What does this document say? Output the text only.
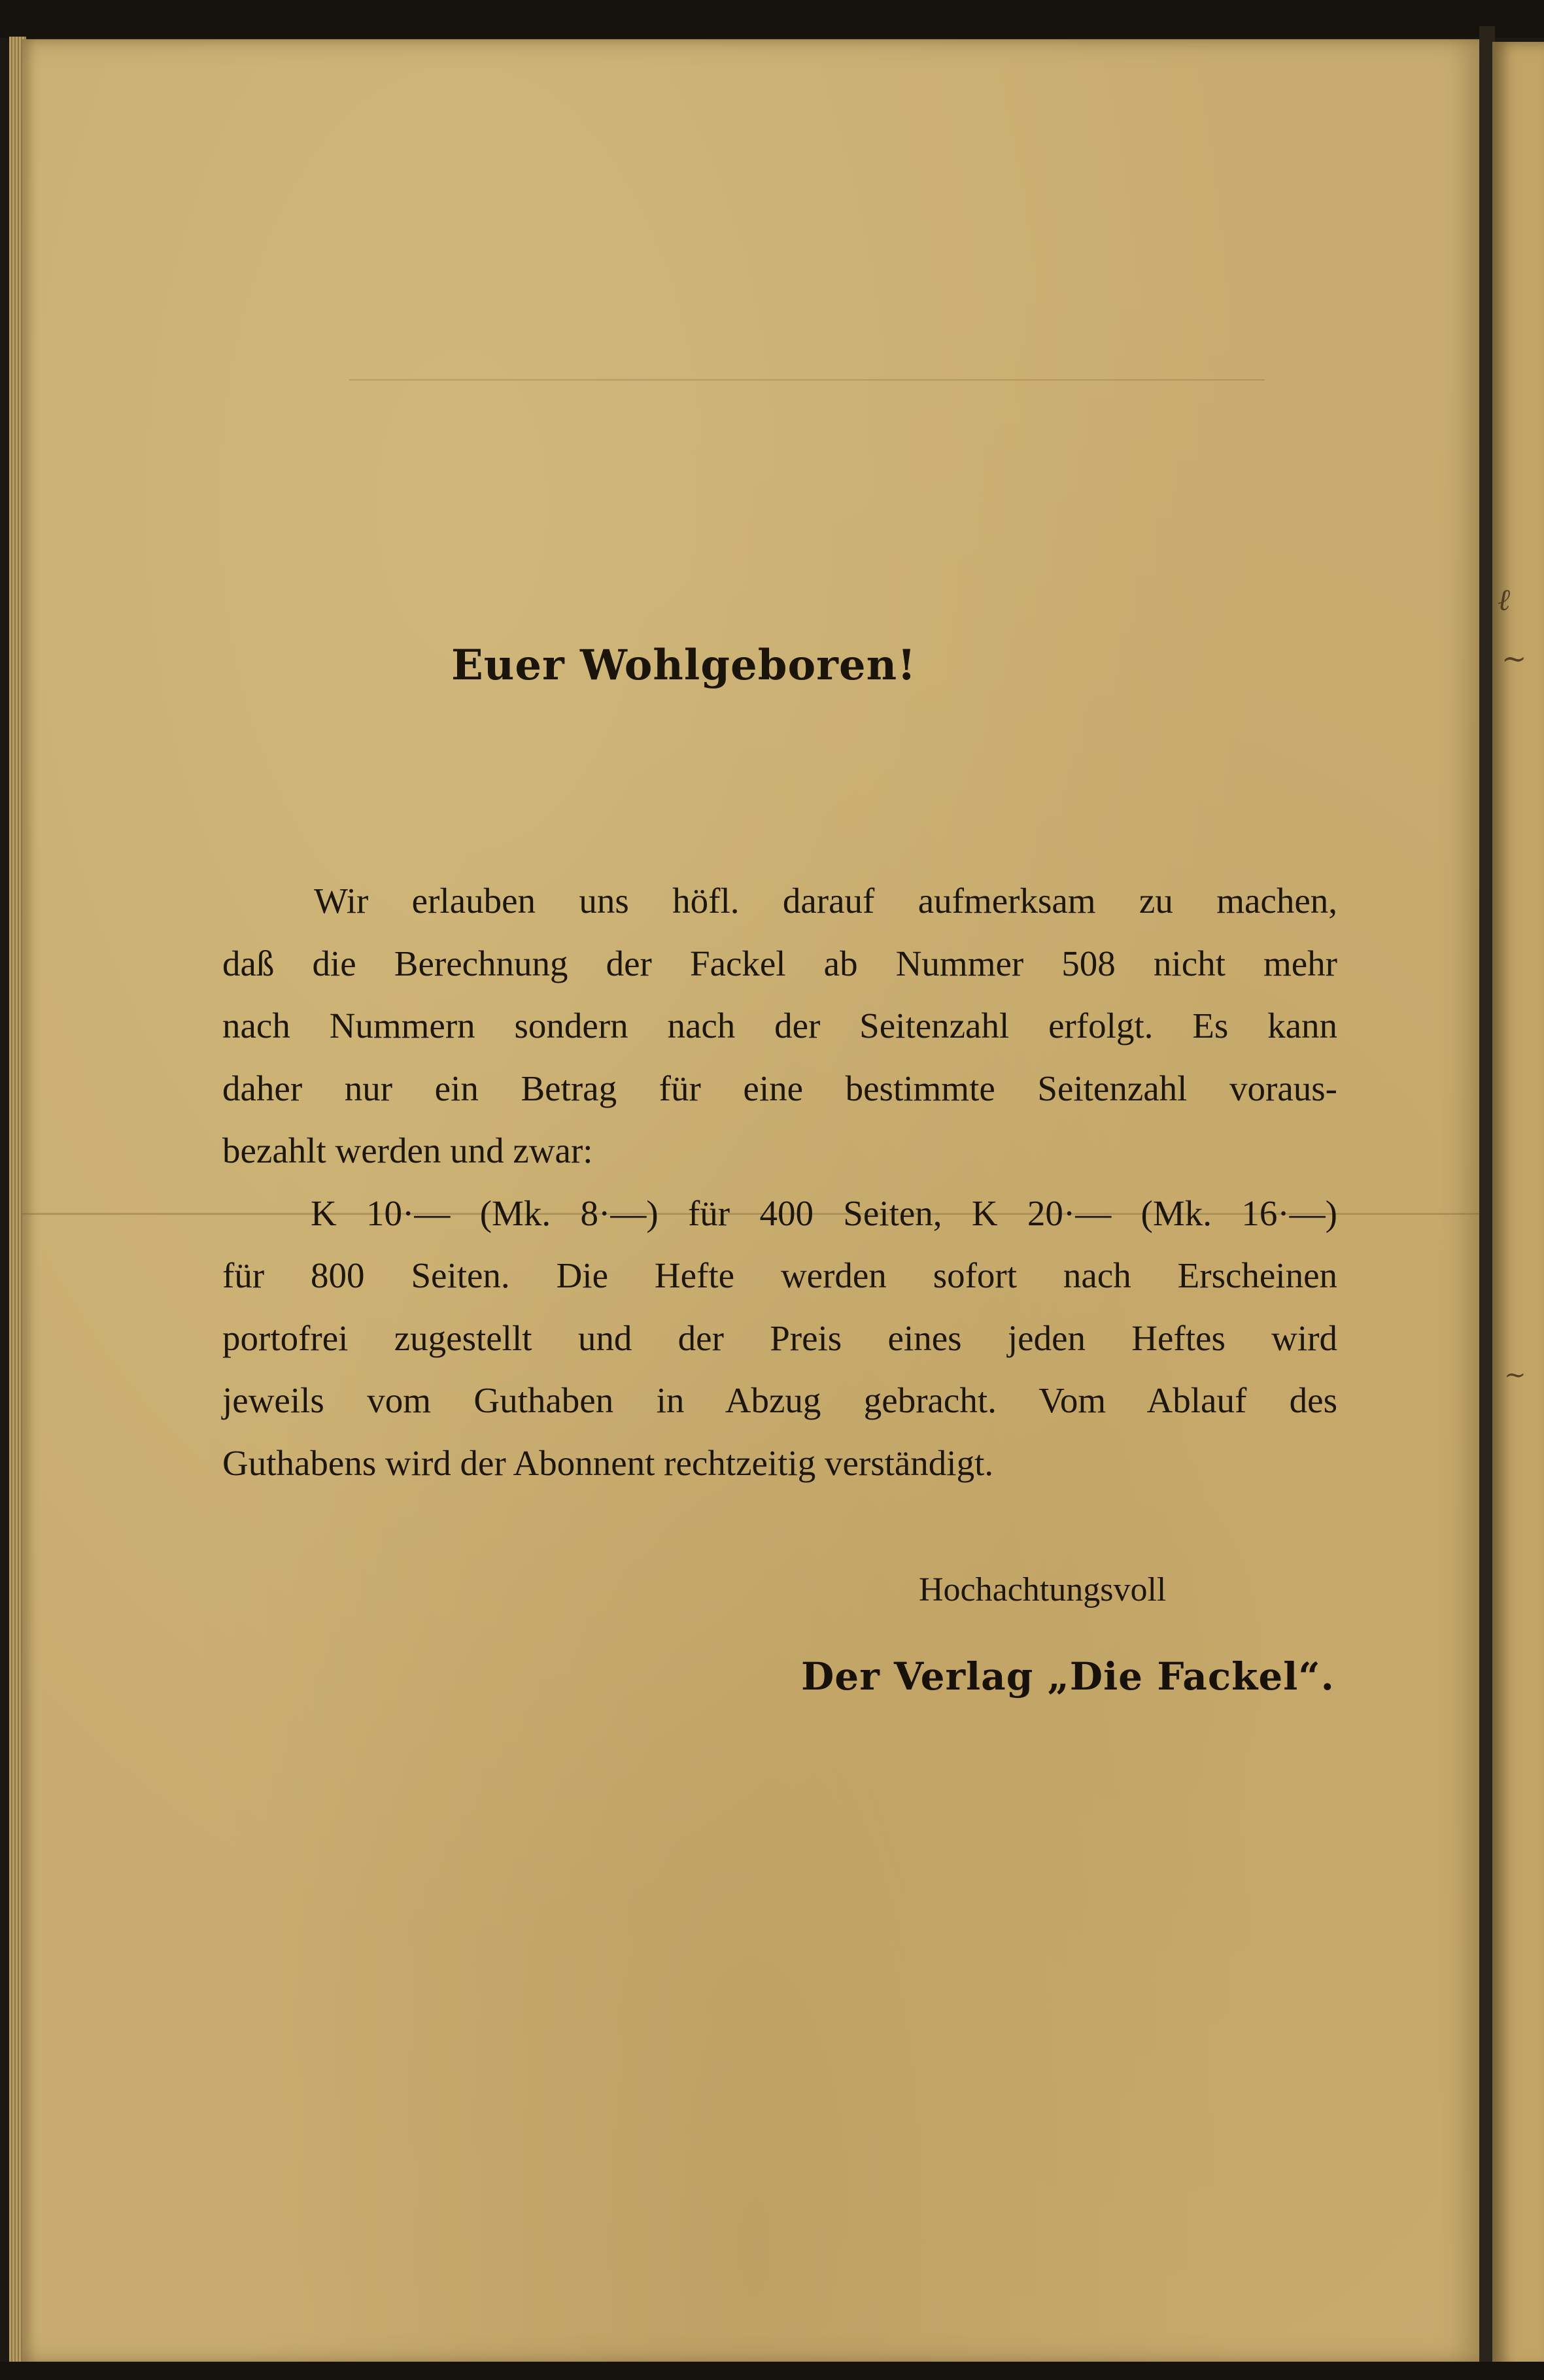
ℓ
~
~
Euer Wohlgeboren!
Wir erlauben uns höfl. darauf aufmerksam zu machen,
daß die Berechnung der Fackel ab Nummer 508 nicht mehr
nach Nummern sondern nach der Seitenzahl erfolgt. Es kann
daher nur ein Betrag für eine bestimmte Seitenzahl voraus-
bezahlt werden und zwar:
K 10·— (Mk. 8·—) für 400 Seiten, K 20·— (Mk. 16·—)
für 800 Seiten. Die Hefte werden sofort nach Erscheinen
portofrei zugestellt und der Preis eines jeden Heftes wird
jeweils vom Guthaben in Abzug gebracht. Vom Ablauf des
Guthabens wird der Abonnent rechtzeitig verständigt.
Hochachtungsvoll
Der Verlag „Die Fackel“.
